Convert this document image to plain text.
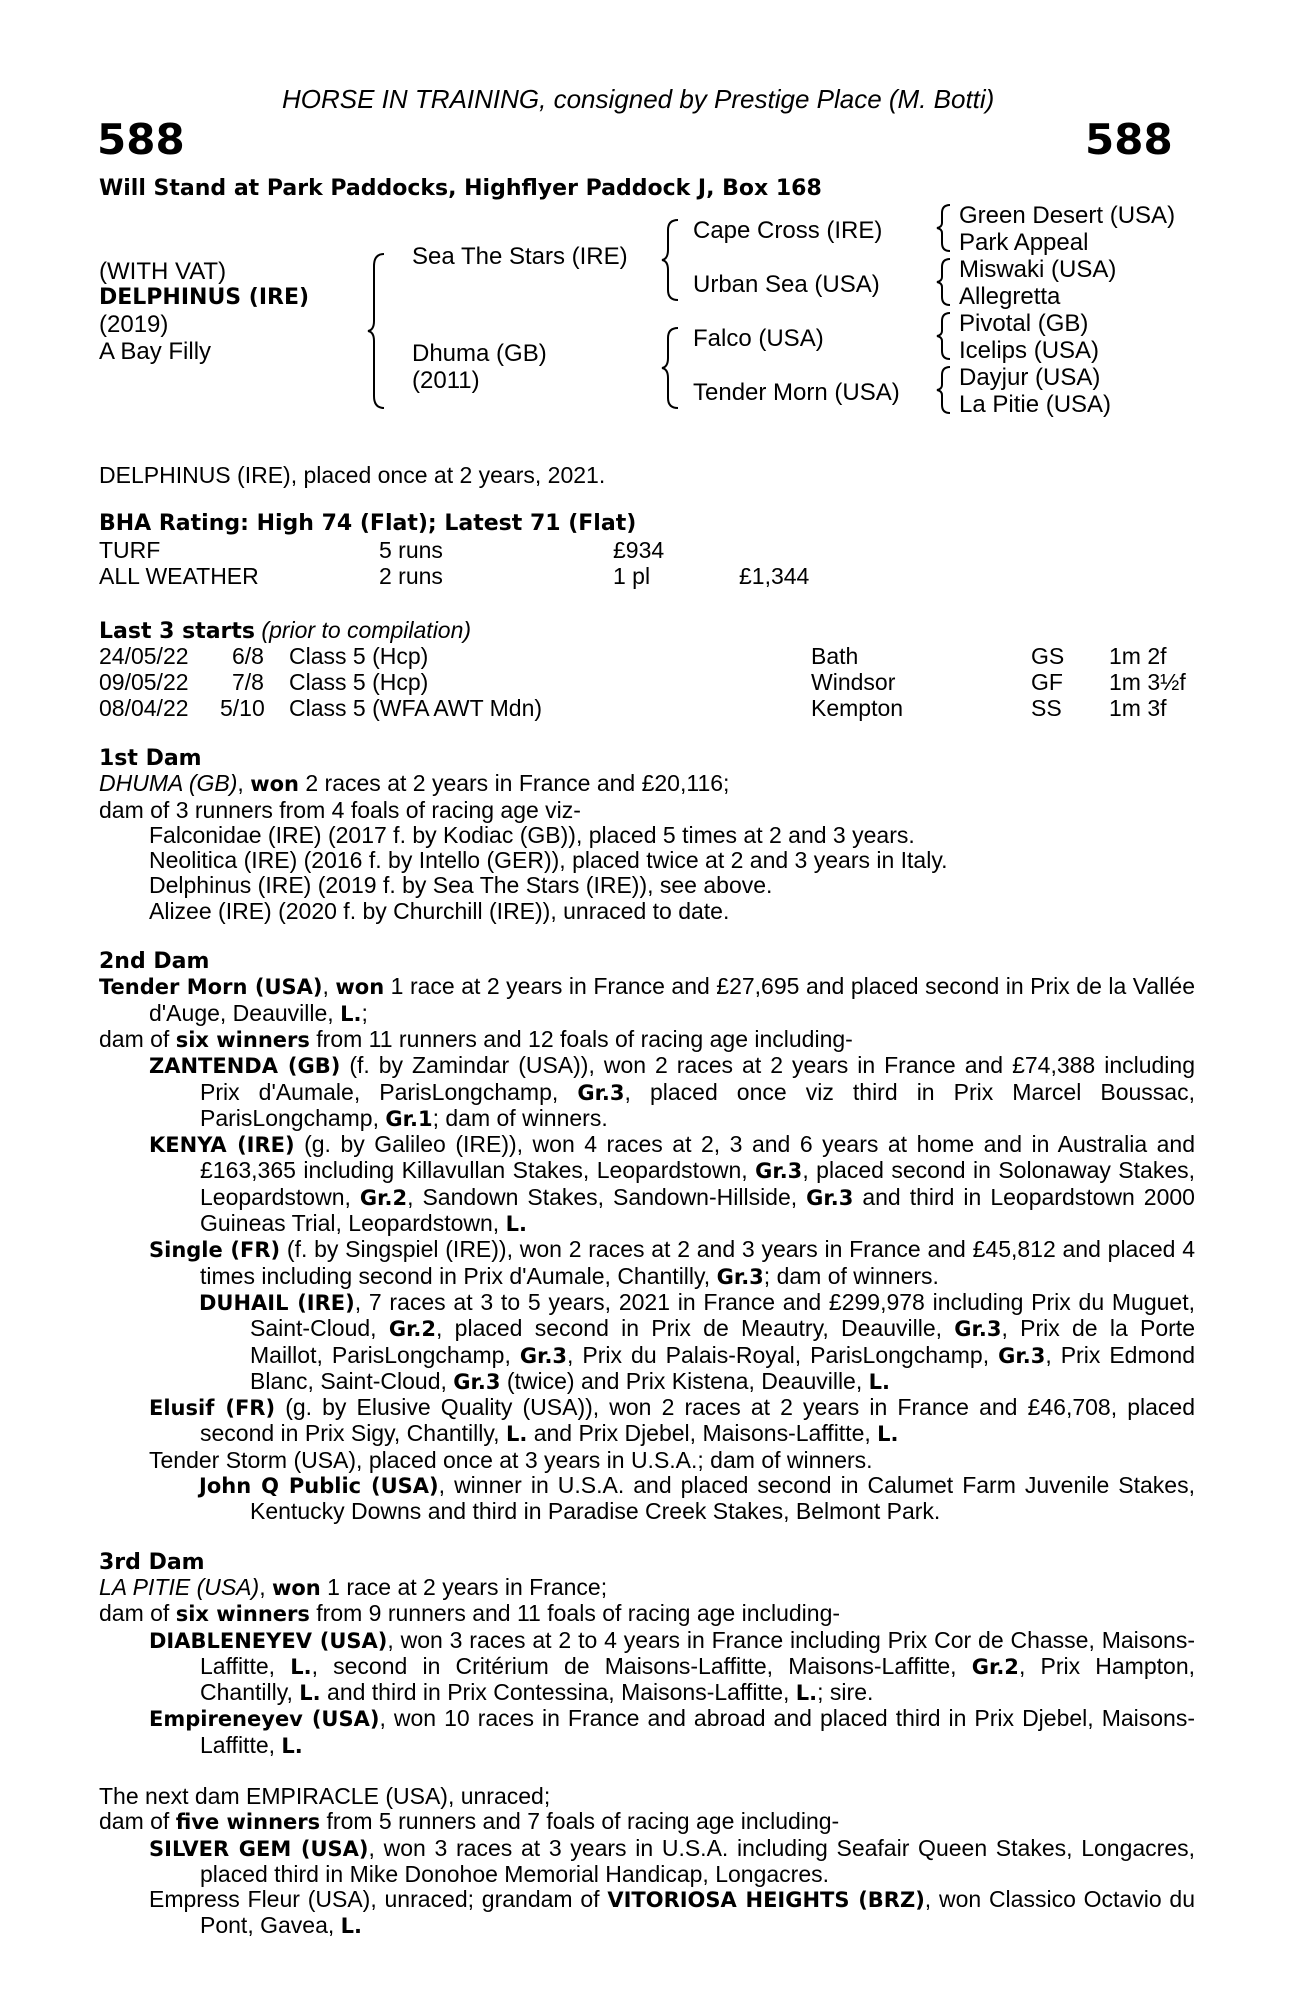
HORSE IN TRAINING, consigned by Prestige Place (M. Botti)
588	588
Will Stand at Park Paddocks, Highflyer Paddock J, Box 168
(WITH VAT)
DELPHINUS (IRE)
(2019)
A Bay Filly
Sea The Stars (IRE)
Dhuma (GB)
(2011)
Cape Cross (IRE)
Urban Sea (USA)
Falco (USA)
Tender Morn (USA)
Green Desert (USA)
Park Appeal
Miswaki (USA)
Allegretta
Pivotal (GB)
Icelips (USA)
Dayjur (USA)
La Pitie (USA)
DELPHINUS (IRE), placed once at 2 years, 2021.
BHA Rating: High 74 (Flat); Latest 71 (Flat)
TURF	5 runs	£934
ALL WEATHER	2 runs	1 pl	£1,344
Last 3 starts (prior to compilation)
24/05/22 6/8 Class 5 (Hcp)	Bath	GS 1m 2f
09/05/22 7/8 Class 5 (Hcp)	Windsor	GF 1m 3½f
08/04/22 5/10 Class 5 (WFA AWT Mdn)	Kempton	SS 1m 3f

1st Dam

DHUMA (GB), won 2 races at 2 years in France and £20,116;

dam of 3 runners from 4 foals of racing age viz-

Falconidae (IRE) (2017 f. by Kodiac (GB)), placed 5 times at 2 and 3 years.

Neolitica (IRE) (2016 f. by Intello (GER)), placed twice at 2 and 3 years in Italy.

Delphinus (IRE) (2019 f. by Sea The Stars (IRE)), see above.

Alizee (IRE) (2020 f. by Churchill (IRE)), unraced to date.

2nd Dam

Tender Morn (USA), won 1 race at 2 years in France and £27,695 and placed second in Prix de la Vallée d'Auge, Deauville, L.;

dam of six winners from 11 runners and 12 foals of racing age including-

ZANTENDA (GB) (f. by Zamindar (USA)), won 2 races at 2 years in France and £74,388 including Prix d'Aumale, ParisLongchamp, Gr.3, placed once viz third in Prix Marcel Boussac, ParisLongchamp, Gr.1; dam of winners.

KENYA (IRE) (g. by Galileo (IRE)), won 4 races at 2, 3 and 6 years at home and in Australia and £163,365 including Killavullan Stakes, Leopardstown, Gr.3, placed second in Solonaway Stakes, Leopardstown, Gr.2, Sandown Stakes, Sandown-Hillside, Gr.3 and third in Leopardstown 2000 Guineas Trial, Leopardstown, L.

Single (FR) (f. by Singspiel (IRE)), won 2 races at 2 and 3 years in France and £45,812 and placed 4 times including second in Prix d'Aumale, Chantilly, Gr.3; dam of winners.

DUHAIL (IRE), 7 races at 3 to 5 years, 2021 in France and £299,978 including Prix du Muguet, Saint-Cloud, Gr.2, placed second in Prix de Meautry, Deauville, Gr.3, Prix de la Porte Maillot, ParisLongchamp, Gr.3, Prix du Palais-Royal, ParisLongchamp, Gr.3, Prix Edmond Blanc, Saint-Cloud, Gr.3 (twice) and Prix Kistena, Deauville, L.

Elusif (FR) (g. by Elusive Quality (USA)), won 2 races at 2 years in France and £46,708, placed second in Prix Sigy, Chantilly, L. and Prix Djebel, Maisons-Laffitte, L.

Tender Storm (USA), placed once at 3 years in U.S.A.; dam of winners.

John Q Public (USA), winner in U.S.A. and placed second in Calumet Farm Juvenile Stakes, Kentucky Downs and third in Paradise Creek Stakes, Belmont Park.

3rd Dam

LA PITIE (USA), won 1 race at 2 years in France;

dam of six winners from 9 runners and 11 foals of racing age including-

DIABLENEYEV (USA), won 3 races at 2 to 4 years in France including Prix Cor de Chasse, Maisons-Laffitte, L., second in Critérium de Maisons-Laffitte, Maisons-Laffitte, Gr.2, Prix Hampton, Chantilly, L. and third in Prix Contessina, Maisons-Laffitte, L.; sire.

Empireneyev (USA), won 10 races in France and abroad and placed third in Prix Djebel, Maisons-Laffitte, L.

The next dam EMPIRACLE (USA), unraced;

dam of five winners from 5 runners and 7 foals of racing age including-

SILVER GEM (USA), won 3 races at 3 years in U.S.A. including Seafair Queen Stakes, Longacres, placed third in Mike Donohoe Memorial Handicap, Longacres.

Empress Fleur (USA), unraced; grandam of VITORIOSA HEIGHTS (BRZ), won Classico Octavio du Pont, Gavea, L.
